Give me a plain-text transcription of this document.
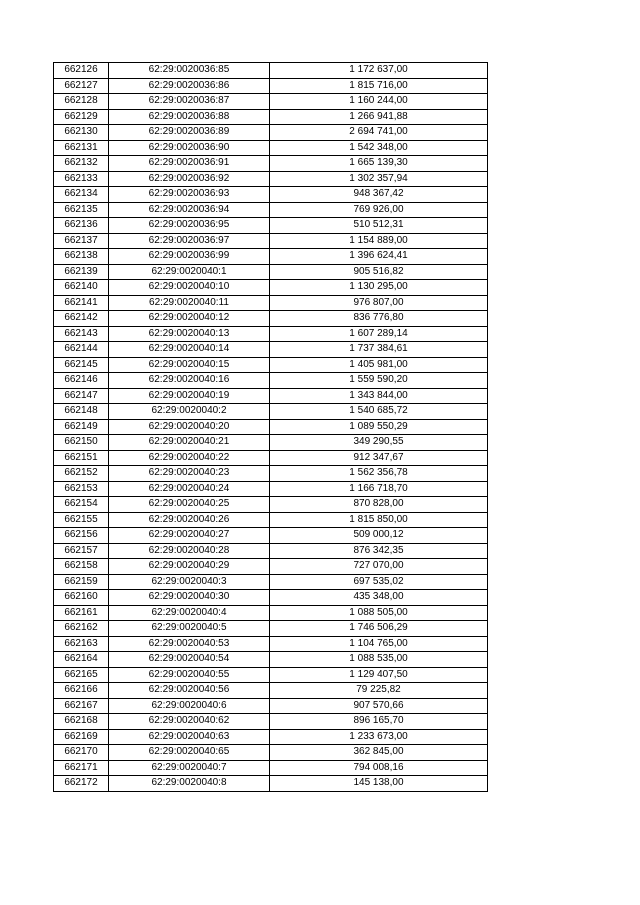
662126	62:29:0020036:85	1 172 637,00
662127	62:29:0020036:86	1 815 716,00
662128	62:29:0020036:87	1 160 244,00
662129	62:29:0020036:88	1 266 941,88
662130	62:29:0020036:89	2 694 741,00
662131	62:29:0020036:90	1 542 348,00
662132	62:29:0020036:91	1 665 139,30
662133	62:29:0020036:92	1 302 357,94
662134	62:29:0020036:93	948 367,42
662135	62:29:0020036:94	769 926,00
662136	62:29:0020036:95	510 512,31
662137	62:29:0020036:97	1 154 889,00
662138	62:29:0020036:99	1 396 624,41
662139	62:29:0020040:1	905 516,82
662140	62:29:0020040:10	1 130 295,00
662141	62:29:0020040:11	976 807,00
662142	62:29:0020040:12	836 776,80
662143	62:29:0020040:13	1 607 289,14
662144	62:29:0020040:14	1 737 384,61
662145	62:29:0020040:15	1 405 981,00
662146	62:29:0020040:16	1 559 590,20
662147	62:29:0020040:19	1 343 844,00
662148	62:29:0020040:2	1 540 685,72
662149	62:29:0020040:20	1 089 550,29
662150	62:29:0020040:21	349 290,55
662151	62:29:0020040:22	912 347,67
662152	62:29:0020040:23	1 562 356,78
662153	62:29:0020040:24	1 166 718,70
662154	62:29:0020040:25	870 828,00
662155	62:29:0020040:26	1 815 850,00
662156	62:29:0020040:27	509 000,12
662157	62:29:0020040:28	876 342,35
662158	62:29:0020040:29	727 070,00
662159	62:29:0020040:3	697 535,02
662160	62:29:0020040:30	435 348,00
662161	62:29:0020040:4	1 088 505,00
662162	62:29:0020040:5	1 746 506,29
662163	62:29:0020040:53	1 104 765,00
662164	62:29:0020040:54	1 088 535,00
662165	62:29:0020040:55	1 129 407,50
662166	62:29:0020040:56	79 225,82
662167	62:29:0020040:6	907 570,66
662168	62:29:0020040:62	896 165,70
662169	62:29:0020040:63	1 233 673,00
662170	62:29:0020040:65	362 845,00
662171	62:29:0020040:7	794 008,16
662172	62:29:0020040:8	145 138,00
